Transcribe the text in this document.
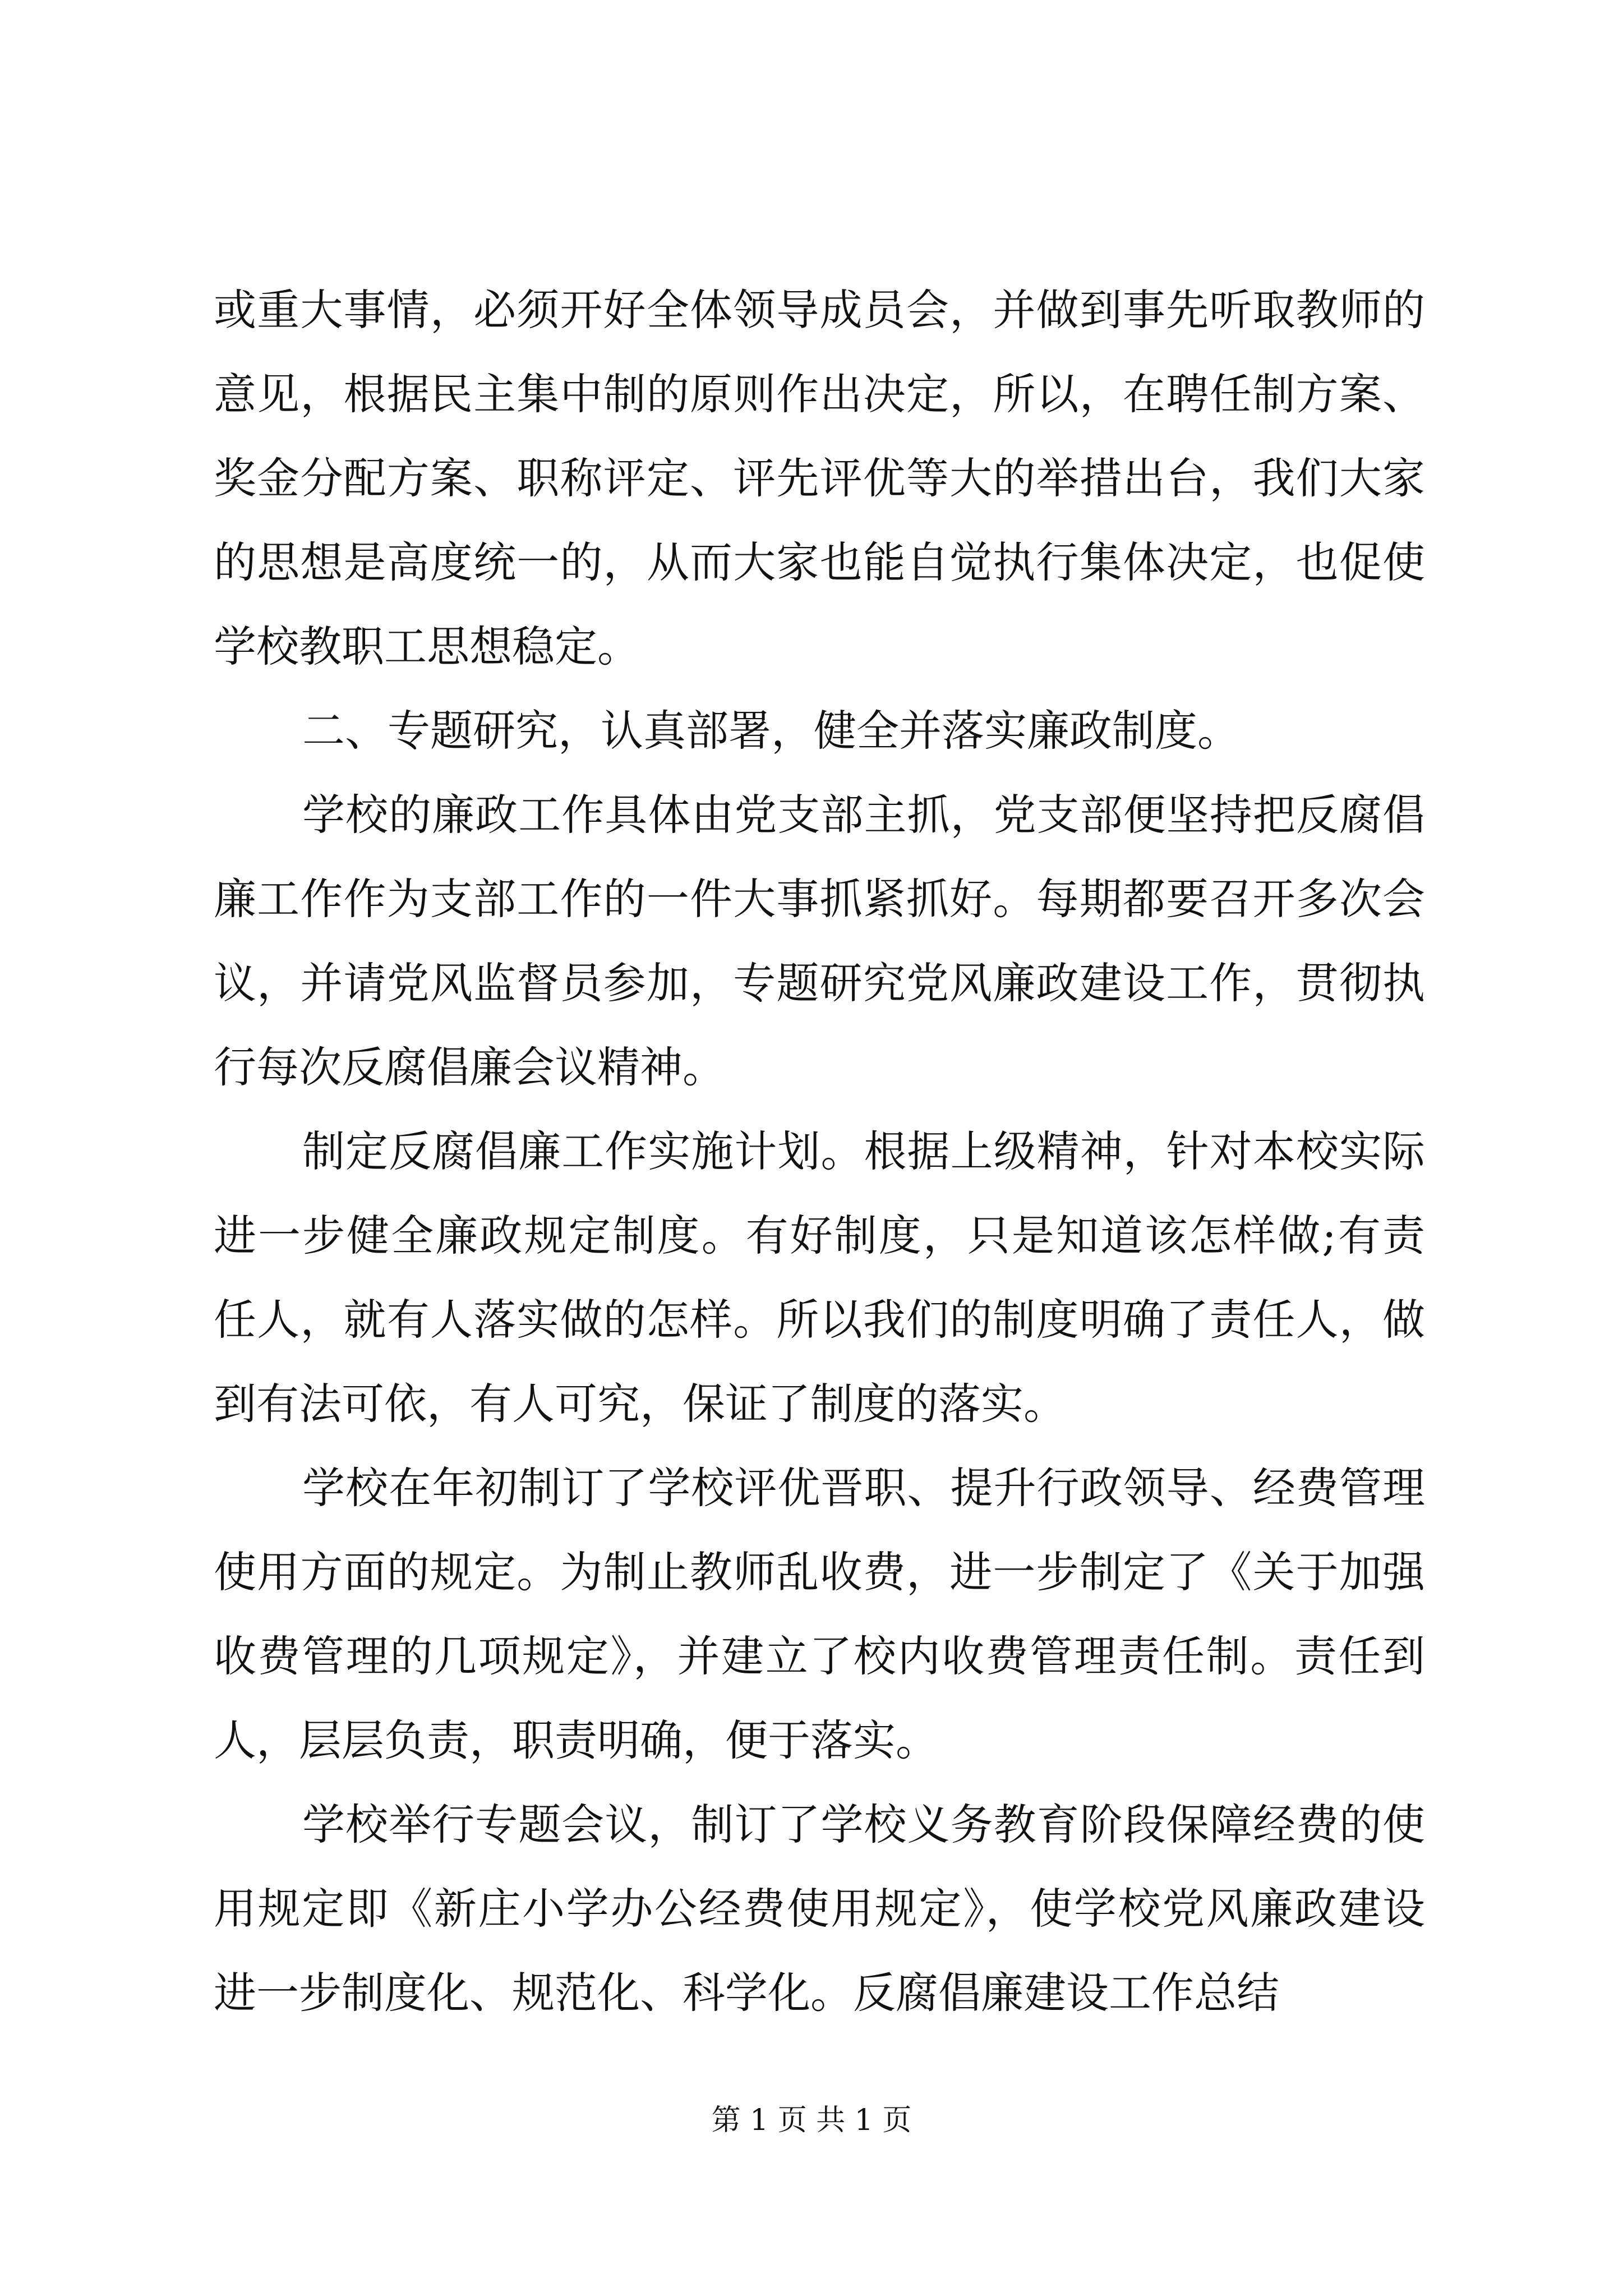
或重大事情，必须开好全体领导成员会，并做到事先听取教师的
意见，根据民主集中制的原则作出决定，所以，在聘任制方案、
奖金分配方案、职称评定、评先评优等大的举措出台，我们大家
的思想是高度统一的，从而大家也能自觉执行集体决定，也促使
学校教职工思想稳定。
二、专题研究，认真部署，健全并落实廉政制度。
学校的廉政工作具体由党支部主抓，党支部便坚持把反腐倡
廉工作作为支部工作的一件大事抓紧抓好。每期都要召开多次会
议，并请党风监督员参加，专题研究党风廉政建设工作，贯彻执
行每次反腐倡廉会议精神。
制定反腐倡廉工作实施计划。根据上级精神，针对本校实际
进一步健全廉政规定制度。有好制度，只是知道该怎样做;有责
任人，就有人落实做的怎样。所以我们的制度明确了责任人，做
到有法可依，有人可究，保证了制度的落实。
学校在年初制订了学校评优晋职、提升行政领导、经费管理
使用方面的规定。为制止教师乱收费，进一步制定了《关于加强
收费管理的几项规定》，并建立了校内收费管理责任制。责任到
人，层层负责，职责明确，便于落实。
学校举行专题会议，制订了学校义务教育阶段保障经费的使
用规定即《新庄小学办公经费使用规定》，使学校党风廉政建设
进一步制度化、规范化、科学化。反腐倡廉建设工作总结
第 1 页 共 1 页
